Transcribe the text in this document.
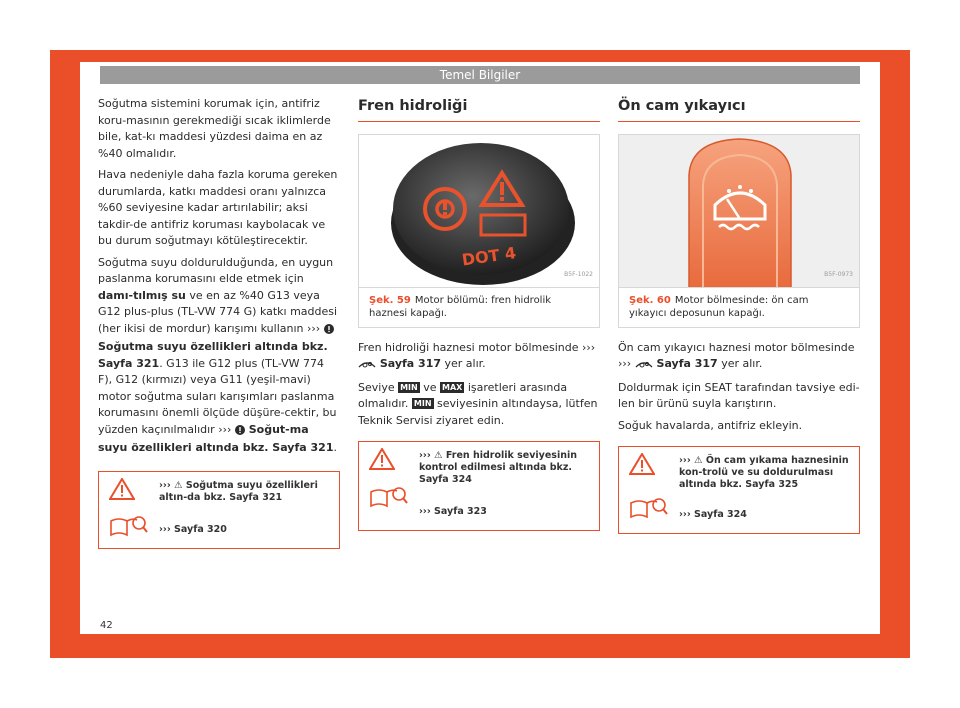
Temel Bilgiler

Soğutma sistemini korumak için, antifriz koru-masının gerekmediği sıcak iklimlerde bile, kat-kı maddesi yüzdesi daima en az %40 olmalıdır.

Hava nedeniyle daha fazla koruma gereken durumlarda, katkı maddesi oranı yalnızca %60 seviyesine kadar artırılabilir; aksi takdir-de antifriz koruması kaybolacak ve bu durum soğutmayı kötüleştirecektir.

Soğutma suyu doldurulduğunda, en uygun paslanma korumasını elde etmek için damı-tılmış su ve en az %40 G13 veya G12 plus-plus (TL-VW 774 G) katkı maddesi (her ikisi de mordur) karışımı kullanın ›››  Soğutma suyu özellikleri altında bkz. Sayfa 321. G13 ile G12 plus (TL-VW 774 F), G12 (kırmızı) veya G11 (yeşil-mavi) motor soğutma suları karışımları paslanma korumasını önemli ölçüde düşüre-cektir, bu yüzden kaçınılmalıdır ›››  Soğut-ma suyu özellikleri altında bkz. Sayfa 321.

››› ⚠ Soğutma suyu özellikleri altın-da bkz. Sayfa 321
››› Sayfa 320
Fren hidroliği
DOT 4
B5F-1022
Şek. 59 Motor bölümü: fren hidrolik haznesi kapağı.

Fren hidroliği haznesi motor bölmesinde ›››  Sayfa 317 yer alır.

Seviye MIN ve MAX işaretleri arasında olmalıdır. MIN seviyesinin altındaysa, lütfen Teknik Servisi ziyaret edin.

››› ⚠ Fren hidrolik seviyesinin kontrol edilmesi altında bkz. Sayfa 324
››› Sayfa 323
Ön cam yıkayıcı
B5F-0973
Şek. 60 Motor bölmesinde: ön cam yıkayıcı deposunun kapağı.

Ön cam yıkayıcı haznesi motor bölmesinde ›››  Sayfa 317 yer alır.

Doldurmak için SEAT tarafından tavsiye edi-len bir ürünü suyla karıştırın.

Soğuk havalarda, antifriz ekleyin.

››› ⚠ Ön cam yıkama haznesinin kon-trolü ve su doldurulması altında bkz. Sayfa 325
››› Sayfa 324
42
